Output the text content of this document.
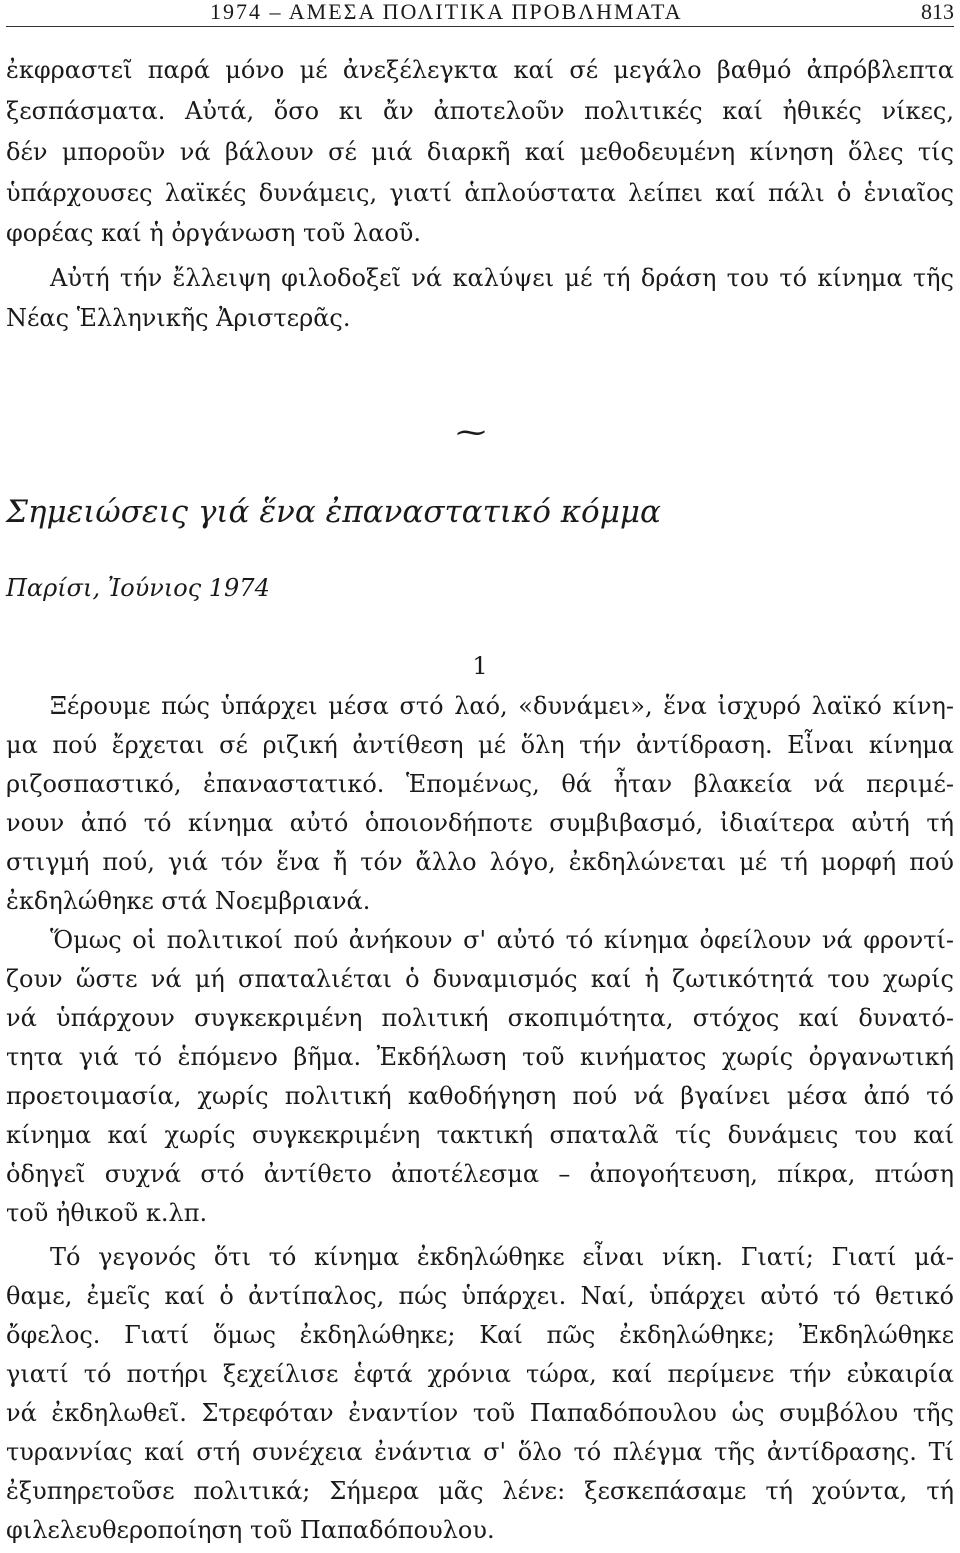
1974 – ΑΜΕΣΑ ΠΟΛΙΤΙΚΑ ΠΡΟΒΛΗΜΑΤΑ	813
ἐκφραστεῖ παρά μόνο μέ ἀνεξέλεγκτα καί σέ μεγάλο βαθμό ἀπρόβλεπτα
ξεσπάσματα. Αὐτά, ὅσο κι ἄν ἀποτελοῦν πολιτικές καί ἠθικές νίκες,
δέν μποροῦν νά βάλουν σέ μιά διαρκῆ καί μεθοδευμένη κίνηση ὅλες τίς
ὑπάρχουσες λαϊκές δυνάμεις, γιατί ἁπλούστατα λείπει καί πάλι ὁ ἑνιαῖος
φορέας καί ἡ ὀργάνωση τοῦ λαοῦ.
Αὐτή τήν ἔλλειψη φιλοδοξεῖ νά καλύψει μέ τή δράση του τό κίνημα τῆς
Νέας Ἑλληνικῆς Ἀριστερᾶς.
⁓
Σημειώσεις γιά ἕνα ἐπαναστατικό κόμμα
Παρίσι, Ἰούνιος 1974
1
Ξέρουμε πώς ὑπάρχει μέσα στό λαό, «δυνάμει», ἕνα ἰσχυρό λαϊκό κίνη-
μα πού ἔρχεται σέ ριζική ἀντίθεση μέ ὅλη τήν ἀντίδραση. Εἶναι κίνημα
ριζοσπαστικό, ἐπαναστατικό. Ἑπομένως, θά ἦταν βλακεία νά περιμέ-
νουν ἀπό τό κίνημα αὐτό ὁποιονδήποτε συμβιβασμό, ἰδιαίτερα αὐτή τή
στιγμή πού, γιά τόν ἕνα ἤ τόν ἄλλο λόγο, ἐκδηλώνεται μέ τή μορφή πού
ἐκδηλώθηκε στά Νοεμβριανά.
Ὅμως οἱ πολιτικοί πού ἀνήκουν σ' αὐτό τό κίνημα ὀφείλουν νά φροντί-
ζουν ὥστε νά μή σπαταλιέται ὁ δυναμισμός καί ἡ ζωτικότητά του χωρίς
νά ὑπάρχουν συγκεκριμένη πολιτική σκοπιμότητα, στόχος καί δυνατό-
τητα γιά τό ἑπόμενο βῆμα. Ἐκδήλωση τοῦ κινήματος χωρίς ὀργανωτική
προετοιμασία, χωρίς πολιτική καθοδήγηση πού νά βγαίνει μέσα ἀπό τό
κίνημα καί χωρίς συγκεκριμένη τακτική σπαταλᾶ τίς δυνάμεις του καί
ὁδηγεῖ συχνά στό ἀντίθετο ἀποτέλεσμα – ἀπογοήτευση, πίκρα, πτώση
τοῦ ἠθικοῦ κ.λπ.
Τό γεγονός ὅτι τό κίνημα ἐκδηλώθηκε εἶναι νίκη. Γιατί; Γιατί μά-
θαμε, ἐμεῖς καί ὁ ἀντίπαλος, πώς ὑπάρχει. Ναί, ὑπάρχει αὐτό τό θετικό
ὄφελος. Γιατί ὅμως ἐκδηλώθηκε; Καί πῶς ἐκδηλώθηκε; Ἐκδηλώθηκε
γιατί τό ποτήρι ξεχείλισε ἑφτά χρόνια τώρα, καί περίμενε τήν εὐκαιρία
νά ἐκδηλωθεῖ. Στρεφόταν ἐναντίον τοῦ Παπαδόπουλου ὡς συμβόλου τῆς
τυραννίας καί στή συνέχεια ἐνάντια σ' ὅλο τό πλέγμα τῆς ἀντίδρασης. Τί
ἐξυπηρετοῦσε πολιτικά; Σήμερα μᾶς λένε: ξεσκεπάσαμε τή χούντα, τή
φιλελευθεροποίηση τοῦ Παπαδόπουλου.
